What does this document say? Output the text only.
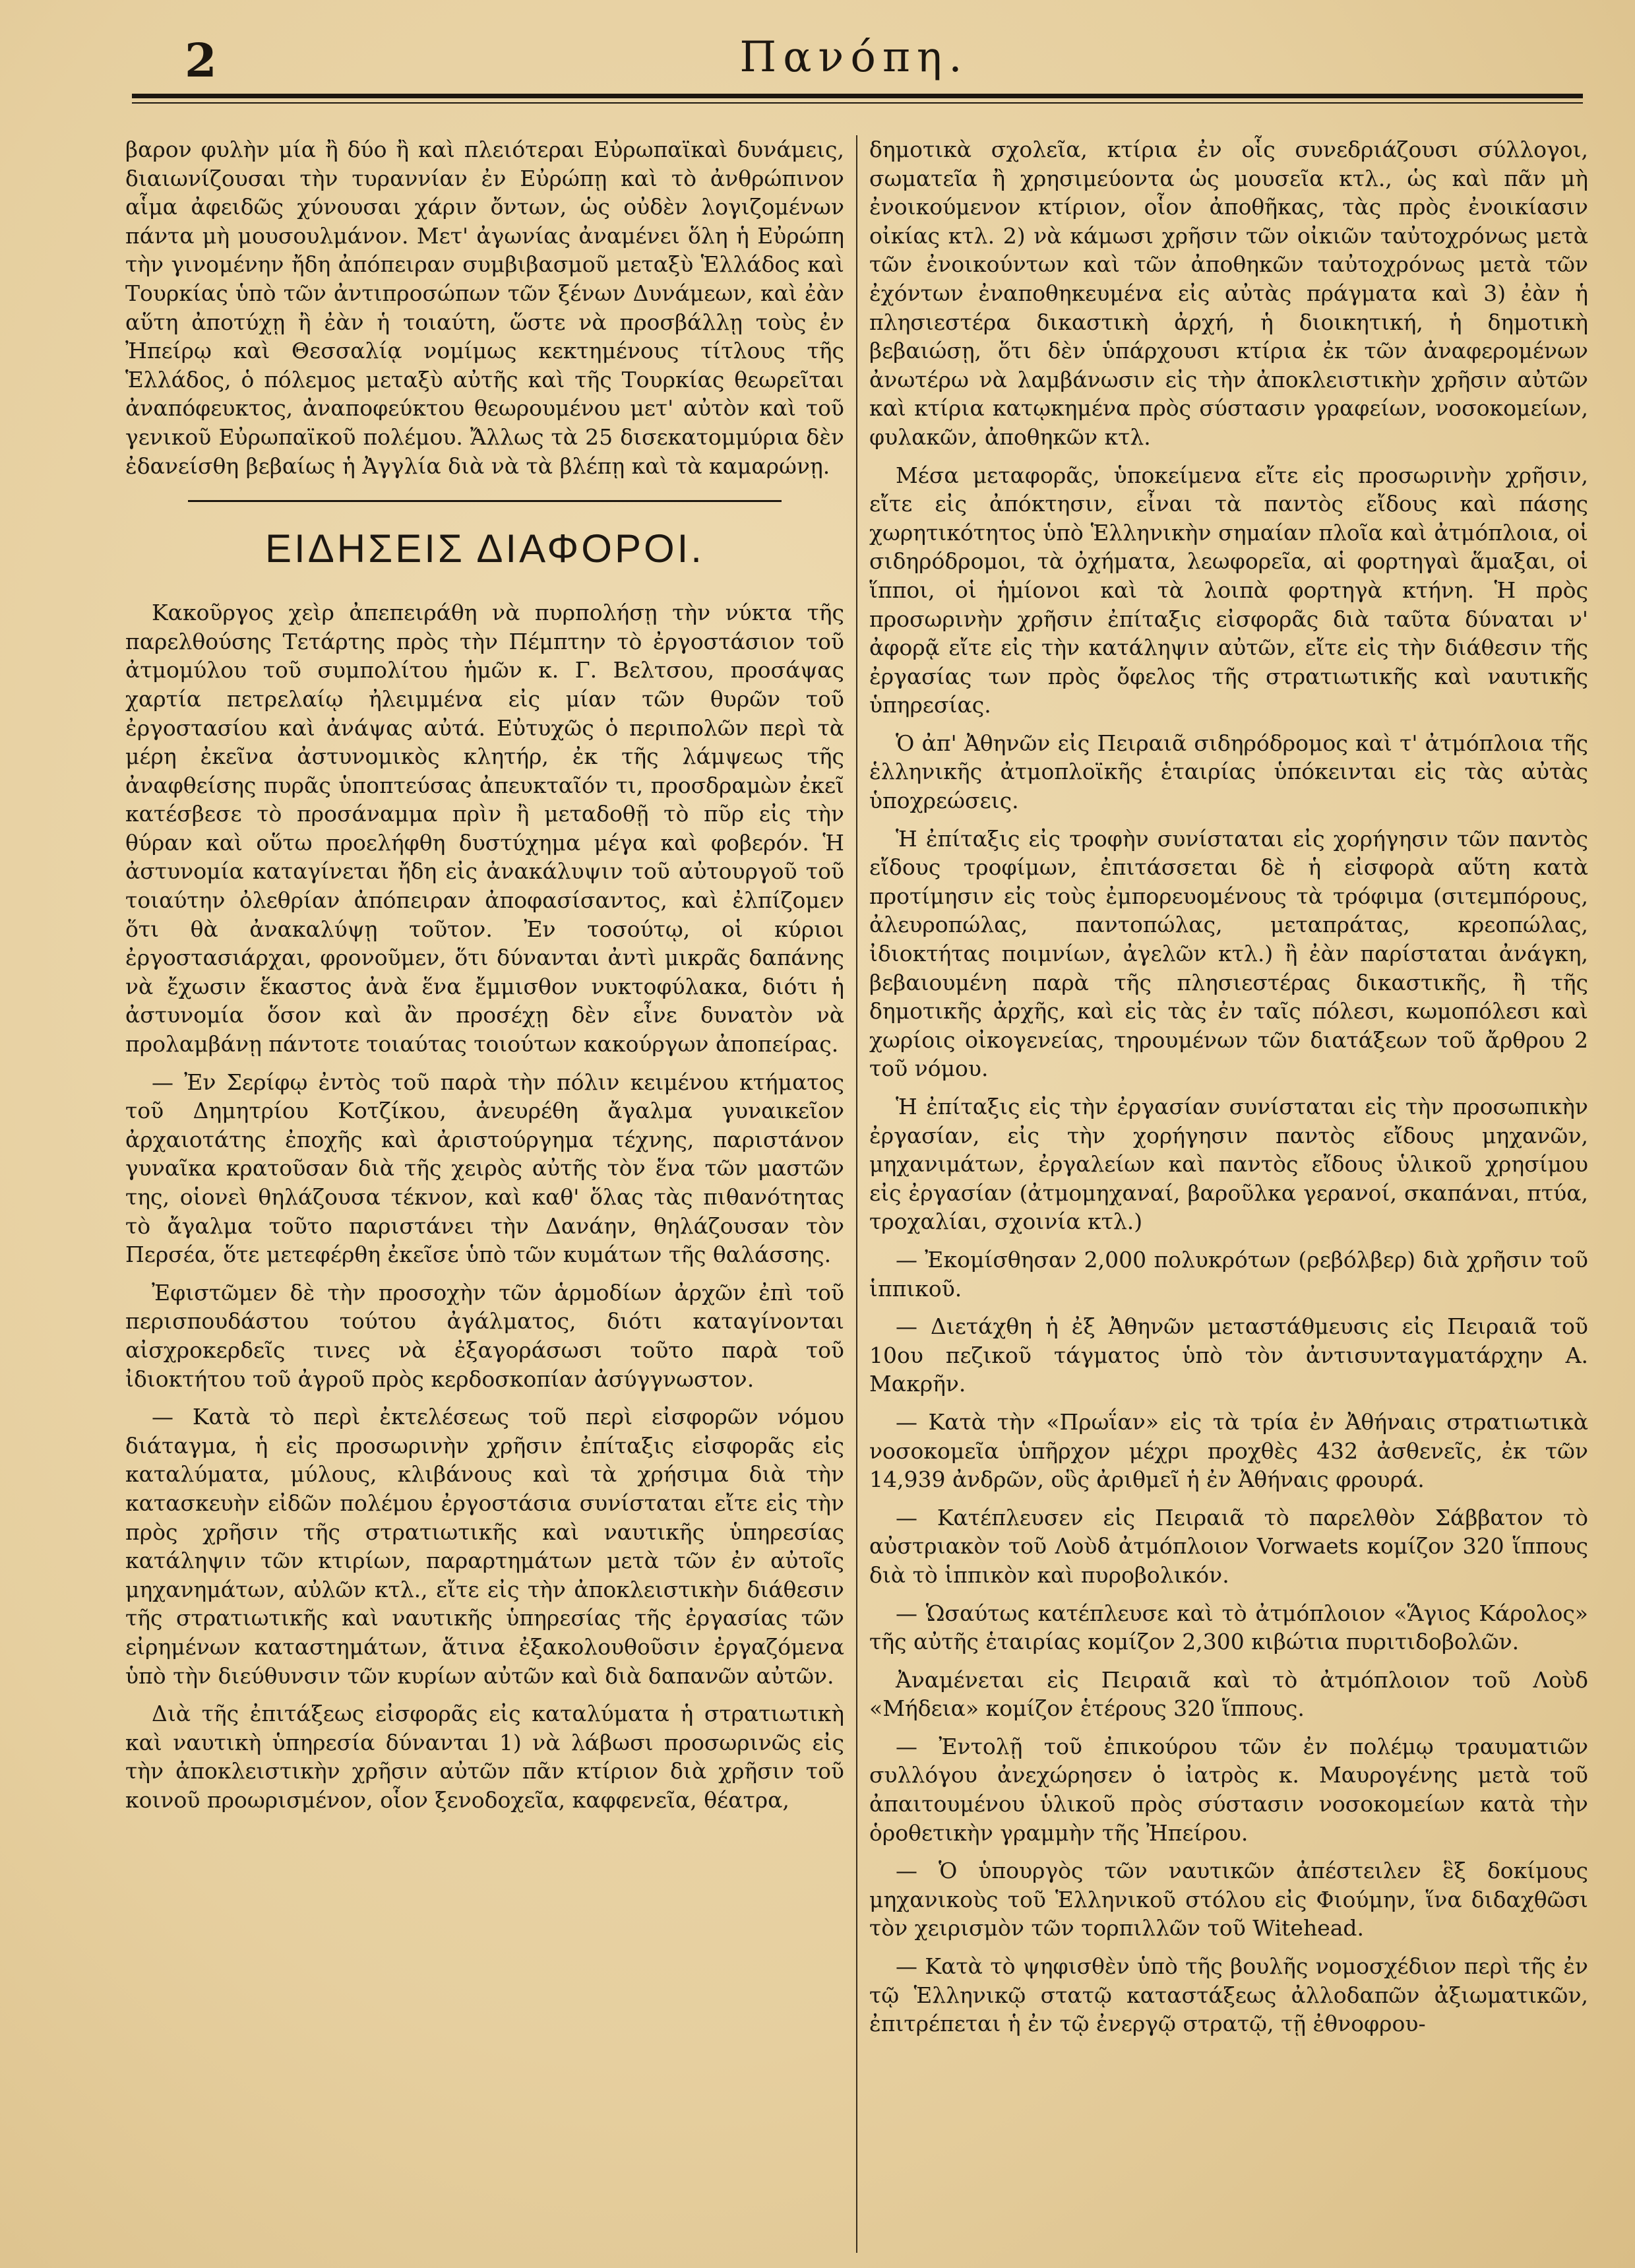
2	Πανόπη.

βαρον φυλὴν μία ἢ δύο ἢ καὶ πλειότεραι Εὐρωπαϊκαὶ δυνάμεις, διαιωνίζουσαι τὴν τυραννίαν ἐν Εὐρώπῃ καὶ τὸ ἀνθρώπινον αἷμα ἀφειδῶς χύνουσαι χάριν ὄντων, ὡς οὐδὲν λογιζομένων πάντα μὴ μουσουλμάνον. Μετ' ἀγωνίας ἀναμένει ὅλη ἡ Εὐρώπη τὴν γινομένην ἤδη ἀπόπειραν συμβιβασμοῦ μεταξὺ Ἑλλάδος καὶ Τουρκίας ὑπὸ τῶν ἀντιπροσώπων τῶν ξένων Δυνάμεων, καὶ ἐὰν αὕτη ἀποτύχῃ ἢ ἐὰν ἡ τοιαύτη, ὥστε νὰ προσβάλλῃ τοὺς ἐν Ἠπείρῳ καὶ Θεσσαλίᾳ νομίμως κεκτημένους τίτλους τῆς Ἑλλάδος, ὁ πόλεμος μεταξὺ αὐτῆς καὶ τῆς Τουρκίας θεωρεῖται ἀναπόφευκτος, ἀναποφεύκτου θεωρουμένου μετ' αὐτὸν καὶ τοῦ γενικοῦ Εὐρωπαϊκοῦ πολέμου. Ἄλλως τὰ 25 δισεκατομμύρια δὲν ἐδανείσθη βεβαίως ἡ Ἀγγλία διὰ νὰ τὰ βλέπῃ καὶ τὰ καμαρώνῃ.

ΕΙΔΗΣΕΙΣ ΔΙΑΦΟΡΟΙ.

Κακοῦργος χεὶρ ἀπεπειράθη νὰ πυρπολήσῃ τὴν νύκτα τῆς παρελθούσης Τετάρτης πρὸς τὴν Πέμπτην τὸ ἐργοστάσιον τοῦ ἀτμομύλου τοῦ συμπολίτου ἡμῶν κ. Γ. Βελτσου, προσάψας χαρτία πετρελαίῳ ἠλειμμένα εἰς μίαν τῶν θυρῶν τοῦ ἐργοστασίου καὶ ἀνάψας αὐτά. Εὐτυχῶς ὁ περιπολῶν περὶ τὰ μέρη ἐκεῖνα ἀστυνομικὸς κλητήρ, ἐκ τῆς λάμψεως τῆς ἀναφθείσης πυρᾶς ὑποπτεύσας ἀπευκταῖόν τι, προσδραμὼν ἐκεῖ κατέσβεσε τὸ προσάναμμα πρὶν ἢ μεταδοθῇ τὸ πῦρ εἰς τὴν θύραν καὶ οὕτω προελήφθη δυστύχημα μέγα καὶ φοβερόν. Ἡ ἀστυνομία καταγίνεται ἤδη εἰς ἀνακάλυψιν τοῦ αὐτουργοῦ τοῦ τοιαύτην ὀλεθρίαν ἀπόπειραν ἀποφασίσαντος, καὶ ἐλπίζομεν ὅτι θὰ ἀνακαλύψῃ τοῦτον. Ἐν τοσούτῳ, οἱ κύριοι ἐργοστασιάρχαι, φρονοῦμεν, ὅτι δύνανται ἀντὶ μικρᾶς δαπάνης νὰ ἔχωσιν ἕκαστος ἀνὰ ἕνα ἔμμισθον νυκτοφύλακα, διότι ἡ ἀστυνομία ὅσον καὶ ἂν προσέχῃ δὲν εἶνε δυνατὸν νὰ προλαμβάνῃ πάντοτε τοιαύτας τοιούτων κακούργων ἀποπείρας.

— Ἐν Σερίφῳ ἐντὸς τοῦ παρὰ τὴν πόλιν κειμένου κτήματος τοῦ Δημητρίου Κοτζίκου, ἀνευρέθη ἄγαλμα γυναικεῖον ἀρχαιοτάτης ἐποχῆς καὶ ἀριστούργημα τέχνης, παριστάνον γυναῖκα κρατοῦσαν διὰ τῆς χειρὸς αὐτῆς τὸν ἕνα τῶν μαστῶν της, οἱονεὶ θηλάζουσα τέκνον, καὶ καθ' ὅλας τὰς πιθανότητας τὸ ἄγαλμα τοῦτο παριστάνει τὴν Δανάην, θηλάζουσαν τὸν Περσέα, ὅτε μετεφέρθη ἐκεῖσε ὑπὸ τῶν κυμάτων τῆς θαλάσσης.

Ἐφιστῶμεν δὲ τὴν προσοχὴν τῶν ἁρμοδίων ἀρχῶν ἐπὶ τοῦ περισπουδάστου τούτου ἀγάλματος, διότι καταγίνονται αἰσχροκερδεῖς τινες νὰ ἐξαγοράσωσι τοῦτο παρὰ τοῦ ἰδιοκτήτου τοῦ ἀγροῦ πρὸς κερδοσκοπίαν ἀσύγγνωστον.

— Κατὰ τὸ περὶ ἐκτελέσεως τοῦ περὶ εἰσφορῶν νόμου διάταγμα, ἡ εἰς προσωρινὴν χρῆσιν ἐπίταξις εἰσφορᾶς εἰς καταλύματα, μύλους, κλιβάνους καὶ τὰ χρήσιμα διὰ τὴν κατασκευὴν εἰδῶν πολέμου ἐργοστάσια συνίσταται εἴτε εἰς τὴν πρὸς χρῆσιν τῆς στρατιωτικῆς καὶ ναυτικῆς ὑπηρεσίας κατάληψιν τῶν κτιρίων, παραρτημάτων μετὰ τῶν ἐν αὐτοῖς μηχανημάτων, αὐλῶν κτλ., εἴτε εἰς τὴν ἀποκλειστικὴν διάθεσιν τῆς στρατιωτικῆς καὶ ναυτικῆς ὑπηρεσίας τῆς ἐργασίας τῶν εἰρημένων καταστημάτων, ἅτινα ἐξακολουθοῦσιν ἐργαζόμενα ὑπὸ τὴν διεύθυνσιν τῶν κυρίων αὐτῶν καὶ διὰ δαπανῶν αὐτῶν.

Διὰ τῆς ἐπιτάξεως εἰσφορᾶς εἰς καταλύματα ἡ στρατιωτικὴ καὶ ναυτικὴ ὑπηρεσία δύνανται 1) νὰ λάβωσι προσωρινῶς εἰς τὴν ἀποκλειστικὴν χρῆσιν αὐτῶν πᾶν κτίριον διὰ χρῆσιν τοῦ κοινοῦ προωρισμένον, οἷον ξενοδοχεῖα, καφφενεῖα, θέατρα,

δημοτικὰ σχολεῖα, κτίρια ἐν οἷς συνεδριάζουσι σύλλογοι, σωματεῖα ἢ χρησιμεύοντα ὡς μουσεῖα κτλ., ὡς καὶ πᾶν μὴ ἐνοικούμενον κτίριον, οἷον ἀποθῆκας, τὰς πρὸς ἐνοικίασιν οἰκίας κτλ. 2) νὰ κάμωσι χρῆσιν τῶν οἰκιῶν ταὐτοχρόνως μετὰ τῶν ἐνοικούντων καὶ τῶν ἀποθηκῶν ταὐτοχρόνως μετὰ τῶν ἐχόντων ἐναποθηκευμένα εἰς αὐτὰς πράγματα καὶ 3) ἐὰν ἡ πλησιεστέρα δικαστικὴ ἀρχή, ἡ διοικητική, ἡ δημοτικὴ βεβαιώσῃ, ὅτι δὲν ὑπάρχουσι κτίρια ἐκ τῶν ἀναφερομένων ἀνωτέρω νὰ λαμβάνωσιν εἰς τὴν ἀποκλειστικὴν χρῆσιν αὐτῶν καὶ κτίρια κατῳκημένα πρὸς σύστασιν γραφείων, νοσοκομείων, φυλακῶν, ἀποθηκῶν κτλ.

Μέσα μεταφορᾶς, ὑποκείμενα εἴτε εἰς προσωρινὴν χρῆσιν, εἴτε εἰς ἀπόκτησιν, εἶναι τὰ παντὸς εἴδους καὶ πάσης χωρητικότητος ὑπὸ Ἑλληνικὴν σημαίαν πλοῖα καὶ ἀτμόπλοια, οἱ σιδηρόδρομοι, τὰ ὀχήματα, λεωφορεῖα, αἱ φορτηγαὶ ἅμαξαι, οἱ ἵπποι, οἱ ἡμίονοι καὶ τὰ λοιπὰ φορτηγὰ κτήνη. Ἡ πρὸς προσωρινὴν χρῆσιν ἐπίταξις εἰσφορᾶς διὰ ταῦτα δύναται ν' ἀφορᾷ εἴτε εἰς τὴν κατάληψιν αὐτῶν, εἴτε εἰς τὴν διάθεσιν τῆς ἐργασίας των πρὸς ὄφελος τῆς στρατιωτικῆς καὶ ναυτικῆς ὑπηρεσίας.

Ὁ ἀπ' Ἀθηνῶν εἰς Πειραιᾶ σιδηρόδρομος καὶ τ' ἀτμόπλοια τῆς ἑλληνικῆς ἀτμοπλοϊκῆς ἑταιρίας ὑπόκεινται εἰς τὰς αὐτὰς ὑποχρεώσεις.

Ἡ ἐπίταξις εἰς τροφὴν συνίσταται εἰς χορήγησιν τῶν παντὸς εἴδους τροφίμων, ἐπιτάσσεται δὲ ἡ εἰσφορὰ αὕτη κατὰ προτίμησιν εἰς τοὺς ἐμπορευομένους τὰ τρόφιμα (σιτεμπόρους, ἀλευροπώλας, παντοπώλας, μεταπράτας, κρεοπώλας, ἰδιοκτήτας ποιμνίων, ἀγελῶν κτλ.) ἢ ἐὰν παρίσταται ἀνάγκη, βεβαιουμένη παρὰ τῆς πλησιεστέρας δικαστικῆς, ἢ τῆς δημοτικῆς ἀρχῆς, καὶ εἰς τὰς ἐν ταῖς πόλεσι, κωμοπόλεσι καὶ χωρίοις οἰκογενείας, τηρουμένων τῶν διατάξεων τοῦ ἄρθρου 2 τοῦ νόμου.

Ἡ ἐπίταξις εἰς τὴν ἐργασίαν συνίσταται εἰς τὴν προσωπικὴν ἐργασίαν, εἰς τὴν χορήγησιν παντὸς εἴδους μηχανῶν, μηχανιμάτων, ἐργαλείων καὶ παντὸς εἴδους ὑλικοῦ χρησίμου εἰς ἐργασίαν (ἀτμομηχαναί, βαροῦλκα γερανοί, σκαπάναι, πτύα, τροχαλίαι, σχοινία κτλ.)

— Ἐκομίσθησαν 2,000 πολυκρότων (ρεβόλβερ) διὰ χρῆσιν τοῦ ἱππικοῦ.

— Διετάχθη ἡ ἐξ Ἀθηνῶν μεταστάθμευσις εἰς Πειραιᾶ τοῦ 10ου πεζικοῦ τάγματος ὑπὸ τὸν ἀντισυνταγματάρχην Α. Μακρῆν.

— Κατὰ τὴν «Πρωΐαν» εἰς τὰ τρία ἐν Ἀθήναις στρατιωτικὰ νοσοκομεῖα ὑπῆρχον μέχρι προχθὲς 432 ἀσθενεῖς, ἐκ τῶν 14,939 ἀνδρῶν, οὓς ἀριθμεῖ ἡ ἐν Ἀθήναις φρουρά.

— Κατέπλευσεν εἰς Πειραιᾶ τὸ παρελθὸν Σάββατον τὸ αὐστριακὸν τοῦ Λοὺδ ἀτμόπλοιον Vorwaets κομίζον 320 ἵππους διὰ τὸ ἱππικὸν καὶ πυροβολικόν.

— Ὡσαύτως κατέπλευσε καὶ τὸ ἀτμόπλοιον «Ἅγιος Κάρολος» τῆς αὐτῆς ἑταιρίας κομίζον 2,300 κιβώτια πυριτιδοβολῶν.

Ἀναμένεται εἰς Πειραιᾶ καὶ τὸ ἀτμόπλοιον τοῦ Λοὺδ «Μήδεια» κομίζον ἑτέρους 320 ἵππους.

— Ἐντολῇ τοῦ ἐπικούρου τῶν ἐν πολέμῳ τραυματιῶν συλλόγου ἀνεχώρησεν ὁ ἰατρὸς κ. Μαυρογένης μετὰ τοῦ ἀπαιτουμένου ὑλικοῦ πρὸς σύστασιν νοσοκομείων κατὰ τὴν ὁροθετικὴν γραμμὴν τῆς Ἠπείρου.

— Ὁ ὑπουργὸς τῶν ναυτικῶν ἀπέστειλεν ἓξ δοκίμους μηχανικοὺς τοῦ Ἑλληνικοῦ στόλου εἰς Φιούμην, ἵνα διδαχθῶσι τὸν χειρισμὸν τῶν τορπιλλῶν τοῦ Witehead.

— Κατὰ τὸ ψηφισθὲν ὑπὸ τῆς βουλῆς νομοσχέδιον περὶ τῆς ἐν τῷ Ἑλληνικῷ στατῷ καταστάξεως ἀλλοδαπῶν ἀξιωματικῶν, ἐπιτρέπεται ἡ ἐν τῷ ἐνεργῷ στρατῷ, τῇ ἐθνοφρου-
